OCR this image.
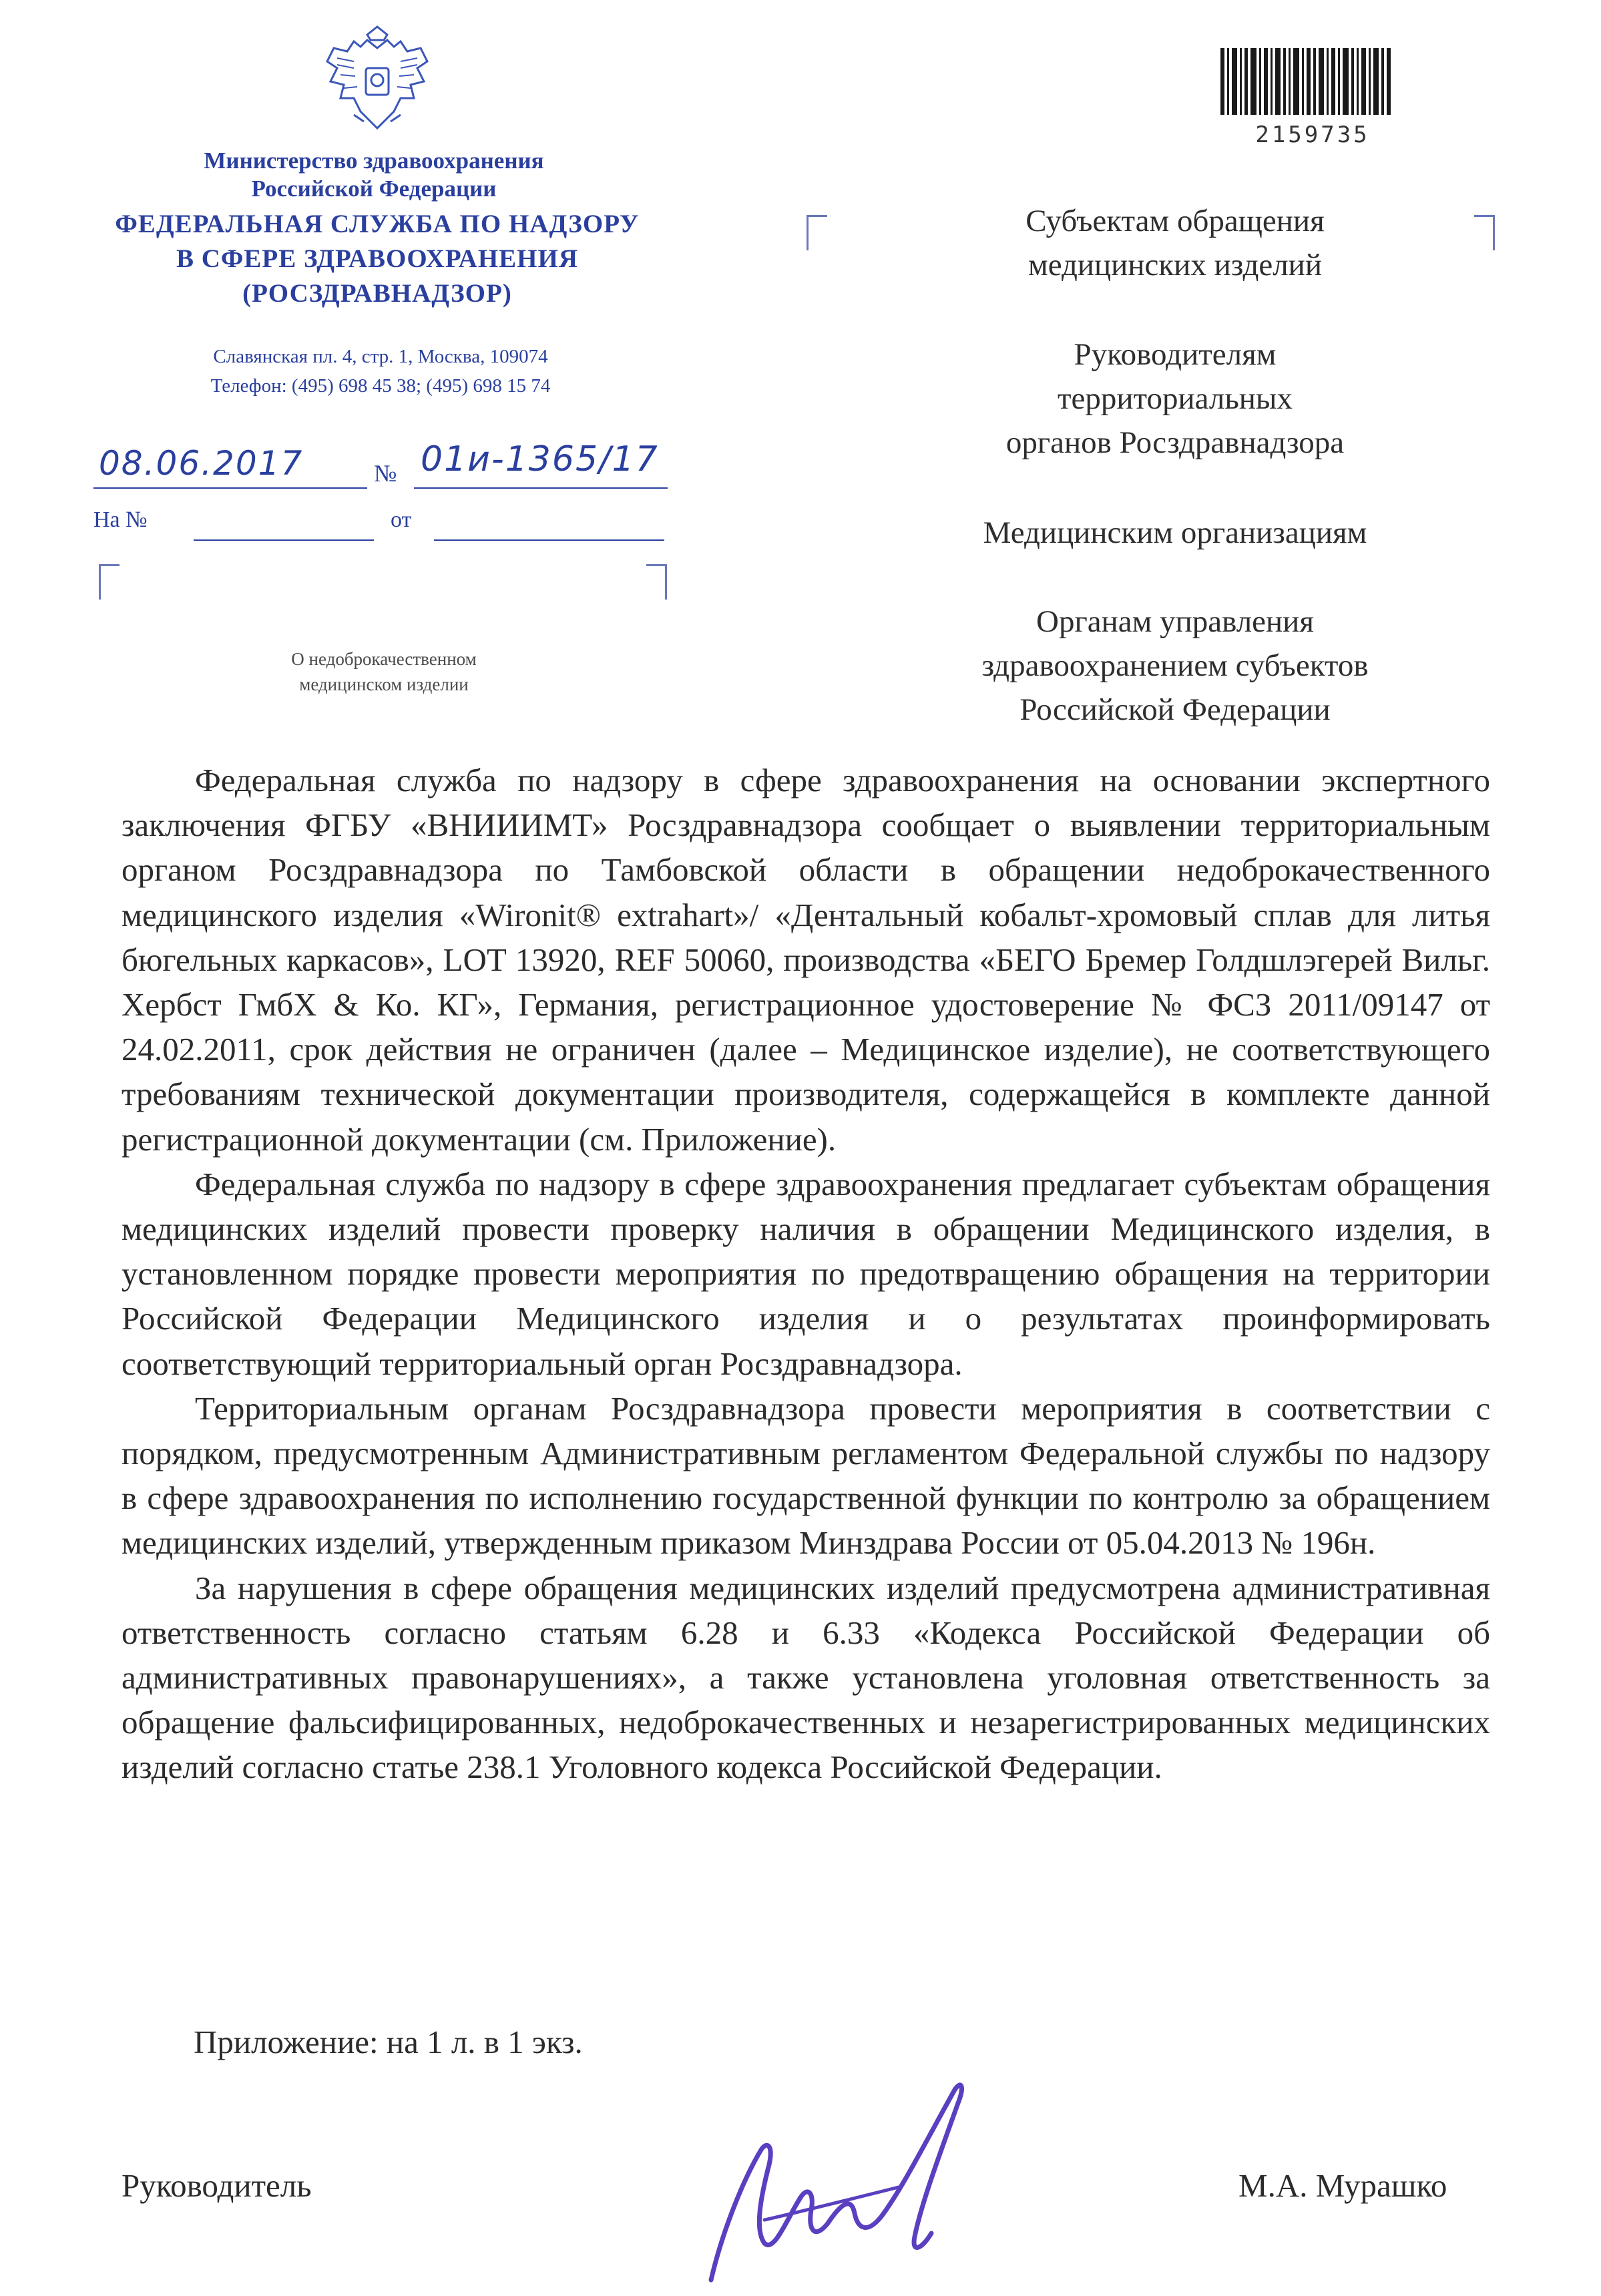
Министерство здравоохранения
Российской Федерации
ФЕДЕРАЛЬНАЯ СЛУЖБА ПО НАДЗОРУ
В СФЕРЕ ЗДРАВООХРАНЕНИЯ
(РОСЗДРАВНАДЗОР)
Славянская пл. 4, стр. 1, Москва, 109074
Телефон: (495) 698 45 38; (495) 698 15 74
08.06.2017	№ 01и-1365/17
На №	от
О недоброкачественном
медицинском изделии
2159735
Субъектам обращения
медицинских изделий
Руководителям
территориальных
органов Росздравнадзора
Медицинским организациям
Органам управления
здравоохранением субъектов
Российской Федерации

Федеральная служба по надзору в сфере здравоохранения на основании экспертного заключения ФГБУ «ВНИИИМТ» Росздравнадзора сообщает о выявлении территориальным органом Росздравнадзора по Тамбовской области в обращении недоброкачественного медицинского изделия «Wironit® extrahart»/ «Дентальный кобальт-хромовый сплав для литья бюгельных каркасов», LOT 13920, REF 50060, производства «БЕГО Бремер Голдшлэгерей Вильг. Хербст ГмбХ & Ко. КГ», Германия, регистрационное удостоверение № ФСЗ 2011/09147 от 24.02.2011, срок действия не ограничен (далее – Медицинское изделие), не соответствующего требованиям технической документации производителя, содержащейся в комплекте данной регистрационной документации (см. Приложение).

Федеральная служба по надзору в сфере здравоохранения предлагает субъектам обращения медицинских изделий провести проверку наличия в обращении Медицинского изделия, в установленном порядке провести мероприятия по предотвращению обращения на территории Российской Федерации Медицинского изделия и о результатах проинформировать соответствующий территориальный орган Росздравнадзора.

Территориальным органам Росздравнадзора провести мероприятия в соответствии с порядком, предусмотренным Административным регламентом Федеральной службы по надзору в сфере здравоохранения по исполнению государственной функции по контролю за обращением медицинских изделий, утвержденным приказом Минздрава России от 05.04.2013 № 196н.

За нарушения в сфере обращения медицинских изделий предусмотрена административная ответственность согласно статьям 6.28 и 6.33 «Кодекса Российской Федерации об административных правонарушениях», а также установлена уголовная ответственность за обращение фальсифицированных, недоброкачественных и незарегистрированных медицинских изделий согласно статье 238.1 Уголовного кодекса Российской Федерации.

Приложение: на 1 л. в 1 экз.
Руководитель	М.А. Мурашко
